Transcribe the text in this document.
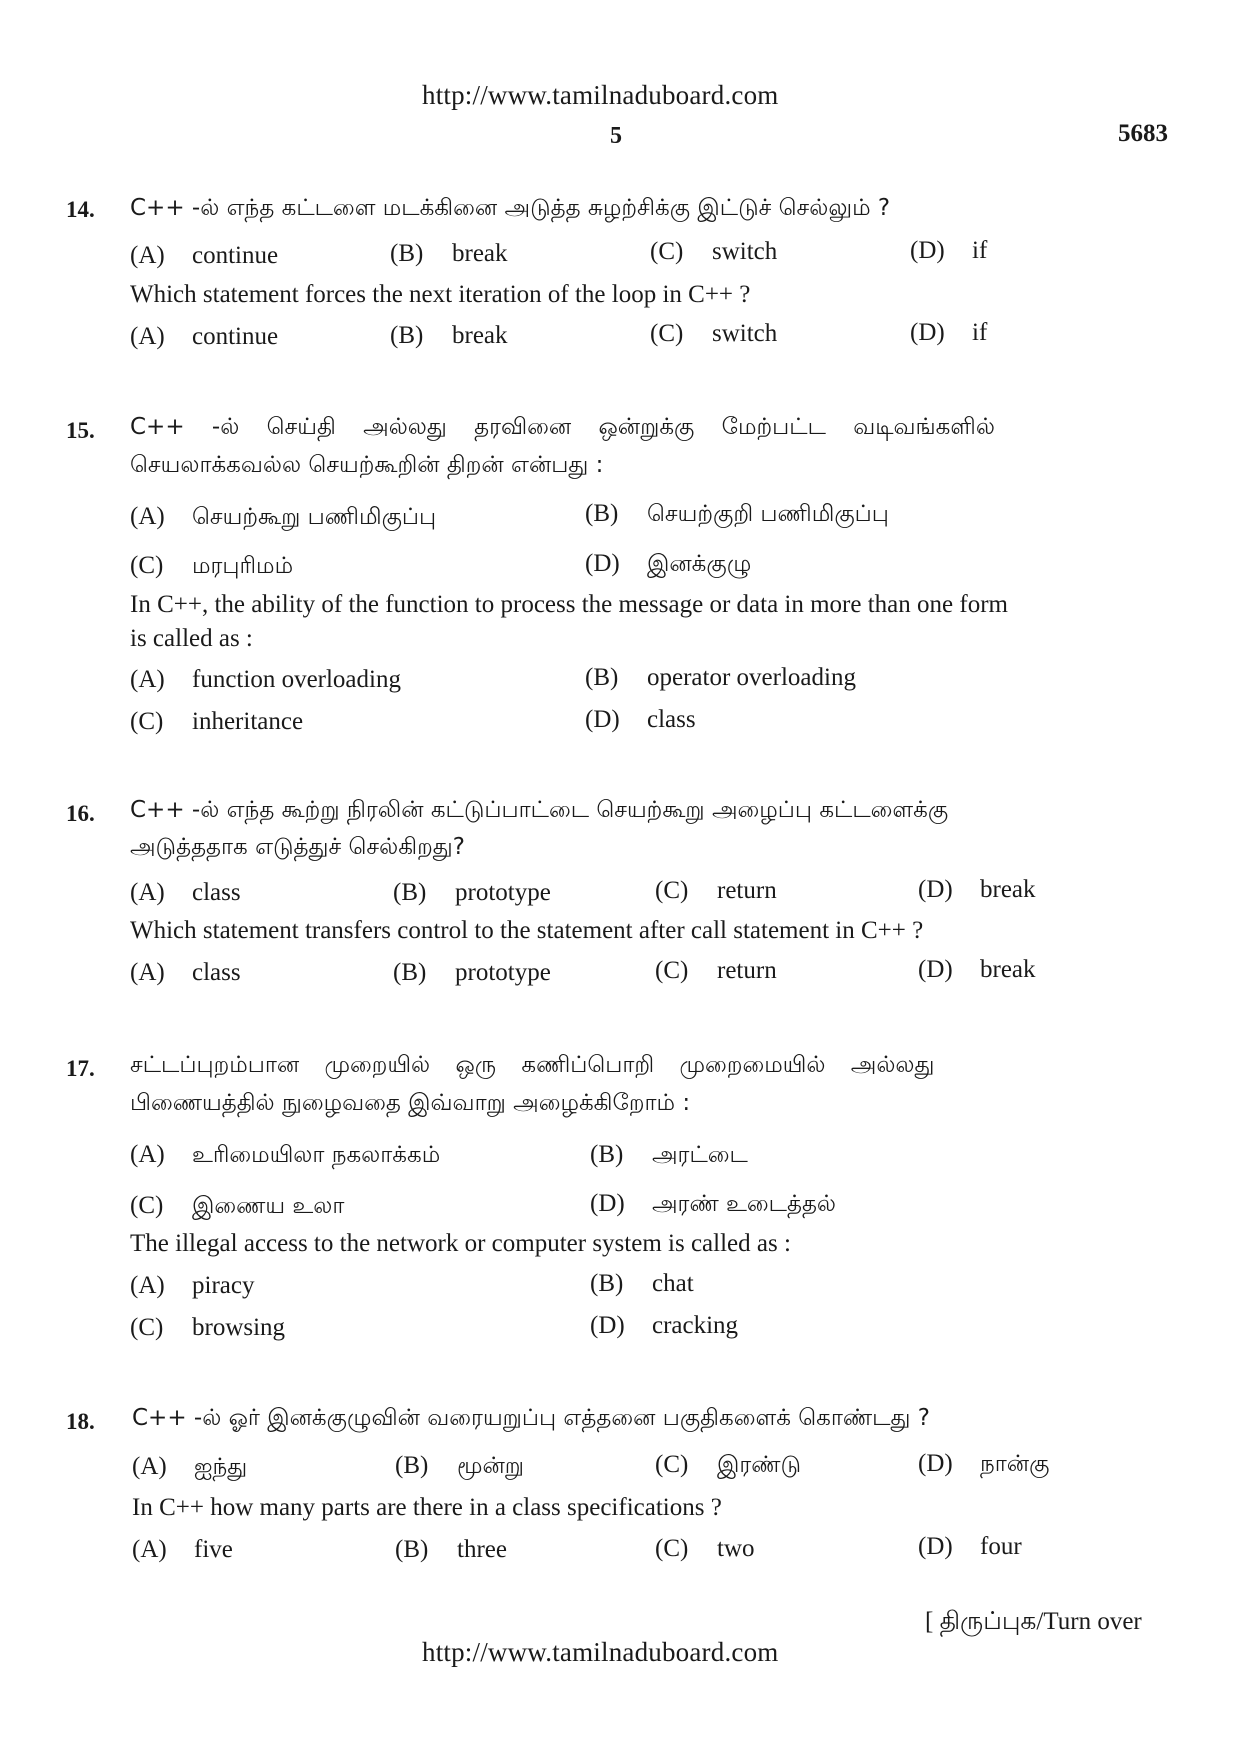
http://www.tamilnaduboard.com
5	5683
14. C++ -ல் எந்த கட்டளை மடக்கினை அடுத்த சுழற்சிக்கு இட்டுச் செல்லும் ?
(A) continue	(B) break	(C) switch	(D) if
Which statement forces the next iteration of the loop in C++ ?
(A) continue	(B) break	(C) switch	(D) if
15. C++ -ல் செய்தி அல்லது தரவினை ஒன்றுக்கு மேற்பட்ட வடிவங்களில்
செயலாக்கவல்ல செயற்கூறின் திறன் என்பது :
(A) செயற்கூறு பணிமிகுப்பு	(B) செயற்குறி பணிமிகுப்பு
(C) மரபுரிமம்	(D) இனக்குழு
In C++, the ability of the function to process the message or data in more than one form
is called as :
(A) function overloading	(B) operator overloading
(C) inheritance	(D) class
16. C++ -ல் எந்த கூற்று நிரலின் கட்டுப்பாட்டை செயற்கூறு அழைப்பு கட்டளைக்கு
அடுத்ததாக எடுத்துச் செல்கிறது?
(A) class	(B) prototype	(C) return	(D) break
Which statement transfers control to the statement after call statement in C++ ?
(A) class	(B) prototype	(C) return	(D) break
17. சட்டப்புறம்பான முறையில் ஒரு கணிப்பொறி முறைமையில் அல்லது
பிணையத்தில் நுழைவதை இவ்வாறு அழைக்கிறோம் :
(A) உரிமையிலா நகலாக்கம்	(B) அரட்டை
(C) இணைய உலா	(D) அரண் உடைத்தல்
The illegal access to the network or computer system is called as :
(A) piracy	(B) chat
(C) browsing	(D) cracking
18. C++ -ல் ஓர் இனக்குழுவின் வரையறுப்பு எத்தனை பகுதிகளைக் கொண்டது ?
(A) ஐந்து	(B) மூன்று	(C) இரண்டு	(D) நான்கு
In C++ how many parts are there in a class specifications ?
(A) five	(B) three	(C) two	(D) four
[ திருப்புக/Turn over
http://www.tamilnaduboard.com
